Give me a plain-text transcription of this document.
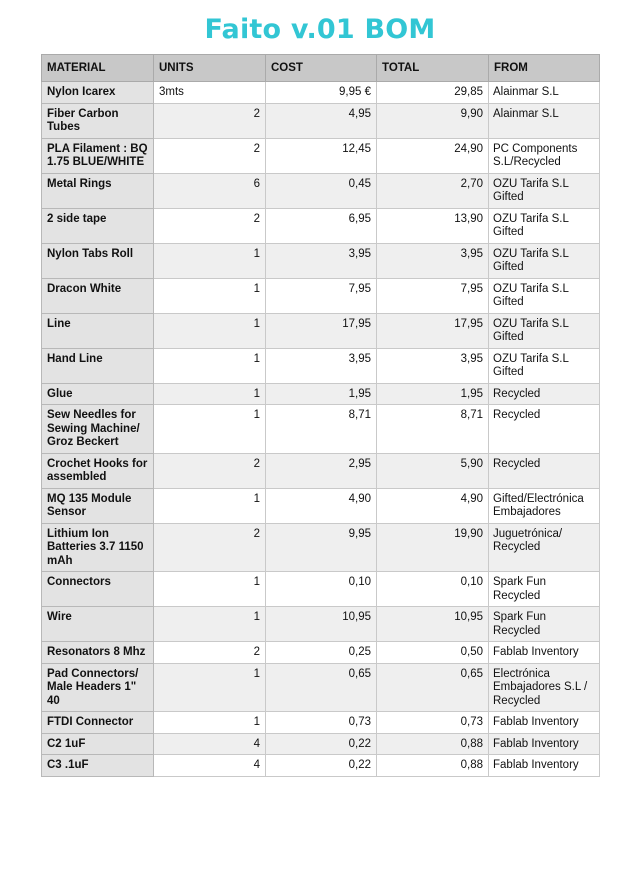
Faito v.01 BOM
MATERIAL	UNITS	COST	TOTAL	FROM
Nylon Icarex	3mts	9,95 €	29,85	Alainmar S.L
Fiber Carbon Tubes	2	4,95	9,90	Alainmar S.L
PLA Filament : BQ 1.75 BLUE/WHITE	2	12,45	24,90	PC Components S.L/Recycled
Metal Rings	6	0,45	2,70	OZU Tarifa S.L Gifted
2 side tape	2	6,95	13,90	OZU Tarifa S.L Gifted
Nylon Tabs Roll	1	3,95	3,95	OZU Tarifa S.L Gifted
Dracon White	1	7,95	7,95	OZU Tarifa S.L Gifted
Line	1	17,95	17,95	OZU Tarifa S.L Gifted
Hand Line	1	3,95	3,95	OZU Tarifa S.L Gifted
Glue	1	1,95	1,95	Recycled
Sew Needles for Sewing Machine/ Groz Beckert	1	8,71	8,71	Recycled
Crochet Hooks for assembled	2	2,95	5,90	Recycled
MQ 135 Module Sensor	1	4,90	4,90	Gifted/Electrónica Embajadores
Lithium Ion Batteries 3.7 1150 mAh	2	9,95	19,90	Juguetrónica/ Recycled
Connectors	1	0,10	0,10	Spark Fun Recycled
Wire	1	10,95	10,95	Spark Fun Recycled
Resonators 8 Mhz	2	0,25	0,50	Fablab Inventory
Pad Connectors/ Male Headers 1" 40	1	0,65	0,65	Electrónica Embajadores S.L / Recycled
FTDI Connector	1	0,73	0,73	Fablab Inventory
C2 1uF	4	0,22	0,88	Fablab Inventory
C3 .1uF	4	0,22	0,88	Fablab Inventory
